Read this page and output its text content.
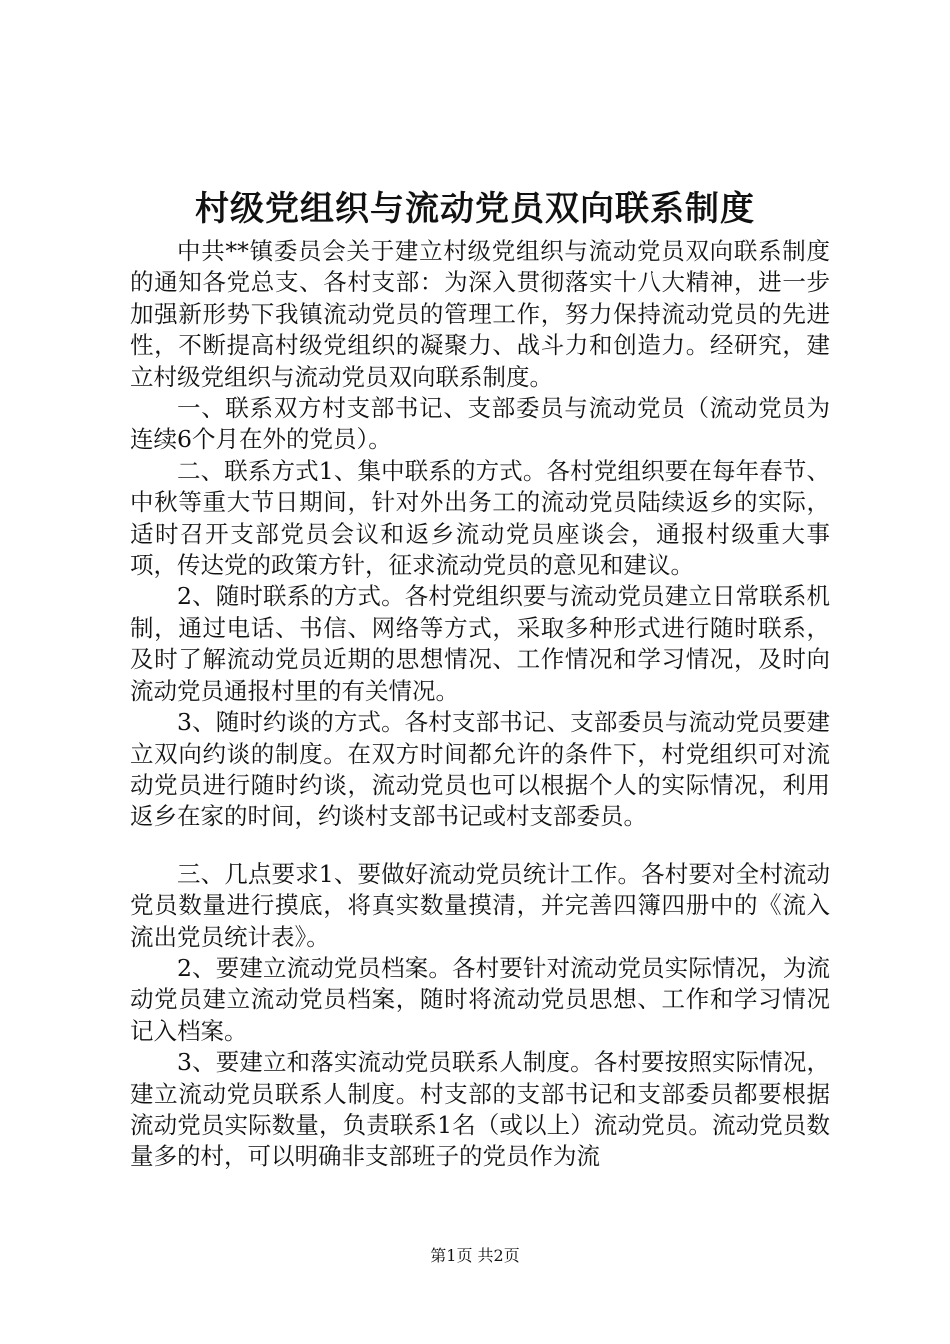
村级党组织与流动党员双向联系制度

中共**镇委员会关于建立村级党组织与流动党员双向联系制度的通知各党总支、各村支部：为深入贯彻落实十八大精神，进一步加强新形势下我镇流动党员的管理工作，努力保持流动党员的先进性，不断提高村级党组织的凝聚力、战斗力和创造力。经研究，建立村级党组织与流动党员双向联系制度。

一、联系双方村支部书记、支部委员与流动党员（流动党员为连续6个月在外的党员）。

二、联系方式1、集中联系的方式。各村党组织要在每年春节、中秋等重大节日期间，针对外出务工的流动党员陆续返乡的实际，适时召开支部党员会议和返乡流动党员座谈会，通报村级重大事项，传达党的政策方针，征求流动党员的意见和建议。

2、随时联系的方式。各村党组织要与流动党员建立日常联系机制，通过电话、书信、网络等方式，采取多种形式进行随时联系，及时了解流动党员近期的思想情况、工作情况和学习情况，及时向流动党员通报村里的有关情况。

3、随时约谈的方式。各村支部书记、支部委员与流动党员要建立双向约谈的制度。在双方时间都允许的条件下，村党组织可对流动党员进行随时约谈，流动党员也可以根据个人的实际情况，利用返乡在家的时间，约谈村支部书记或村支部委员。

三、几点要求1、要做好流动党员统计工作。各村要对全村流动党员数量进行摸底，将真实数量摸清，并完善四簿四册中的《流入流出党员统计表》。

2、要建立流动党员档案。各村要针对流动党员实际情况，为流动党员建立流动党员档案，随时将流动党员思想、工作和学习情况记入档案。

3、要建立和落实流动党员联系人制度。各村要按照实际情况，建立流动党员联系人制度。村支部的支部书记和支部委员都要根据流动党员实际数量，负责联系1名（或以上）流动党员。流动党员数量多的村，可以明确非支部班子的党员作为流

第1页 共2页
